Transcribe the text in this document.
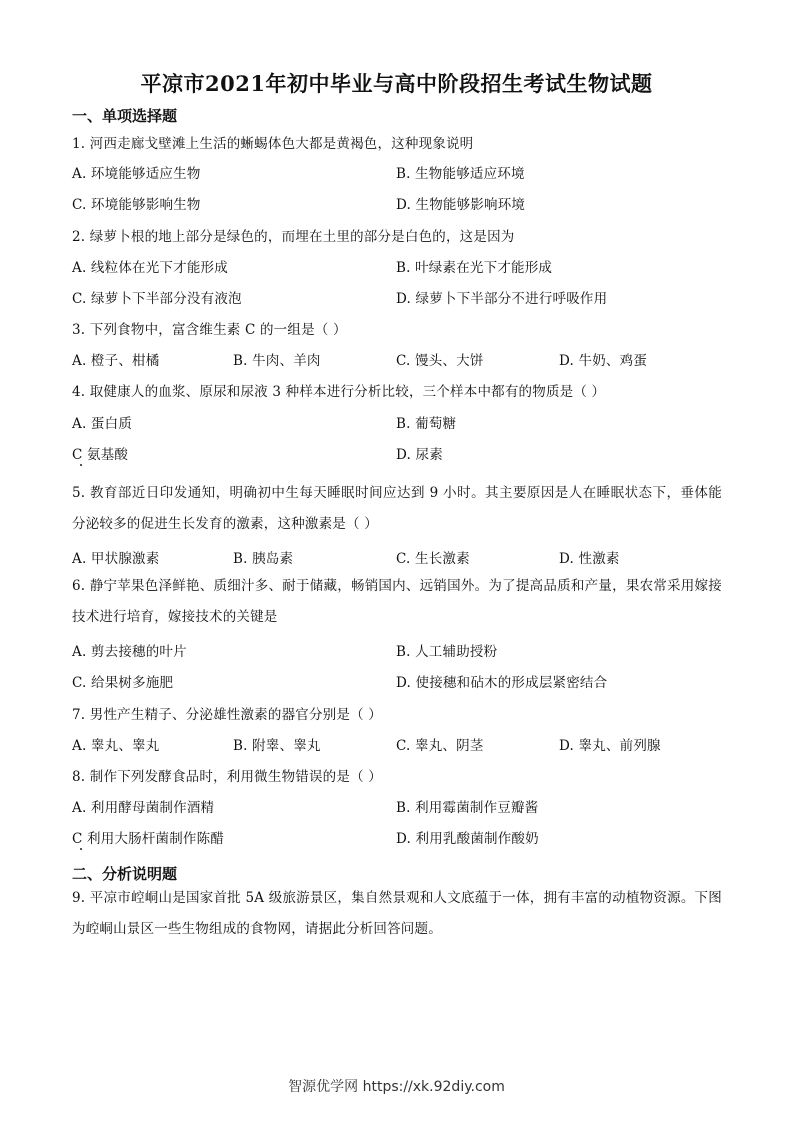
平凉市2021年初中毕业与高中阶段招生考试生物试题
一、单项选择题
1. 河西走廊戈壁滩上生活的蜥蜴体色大都是黄褐色，这种现象说明
A. 环境能够适应生物	B. 生物能够适应环境
C. 环境能够影响生物	D. 生物能够影响环境
2. 绿萝卜根的地上部分是绿色的，而埋在土里的部分是白色的，这是因为
A. 线粒体在光下才能形成	B. 叶绿素在光下才能形成
C. 绿萝卜下半部分没有液泡	D. 绿萝卜下半部分不进行呼吸作用
3. 下列食物中，富含维生素 C 的一组是（ ）
A. 橙子、柑橘	B. 牛肉、羊肉	C. 馒头、大饼	D. 牛奶、鸡蛋
4. 取健康人的血浆、原尿和尿液 3 种样本进行分析比较，三个样本中都有的物质是（ ）
A. 蛋白质	B. 葡萄糖
C 氨基酸	D. 尿素
5. 教育部近日印发通知，明确初中生每天睡眠时间应达到 9 小时。其主要原因是人在睡眠状态下，垂体能分泌较多的促进生长发育的激素，这种激素是（ ）
A. 甲状腺激素	B. 胰岛素	C. 生长激素	D. 性激素
6. 静宁苹果色泽鲜艳、质细汁多、耐于储藏，畅销国内、远销国外。为了提高品质和产量，果农常采用嫁接技术进行培育，嫁接技术的关键是
A. 剪去接穗的叶片	B. 人工辅助授粉
C. 给果树多施肥	D. 使接穗和砧木的形成层紧密结合
7. 男性产生精子、分泌雄性激素的器官分别是（ ）
A. 睾丸、睾丸	B. 附睾、睾丸	C. 睾丸、阴茎	D. 睾丸、前列腺
8. 制作下列发酵食品时，利用微生物错误的是（ ）
A. 利用酵母菌制作酒精	B. 利用霉菌制作豆瓣酱
C 利用大肠杆菌制作陈醋	D. 利用乳酸菌制作酸奶
二、分析说明题
9. 平凉市崆峒山是国家首批 5A 级旅游景区，集自然景观和人文底蕴于一体，拥有丰富的动植物资源。下图为崆峒山景区一些生物组成的食物网，请据此分析回答问题。
智源优学网 https://xk.92diy.com
